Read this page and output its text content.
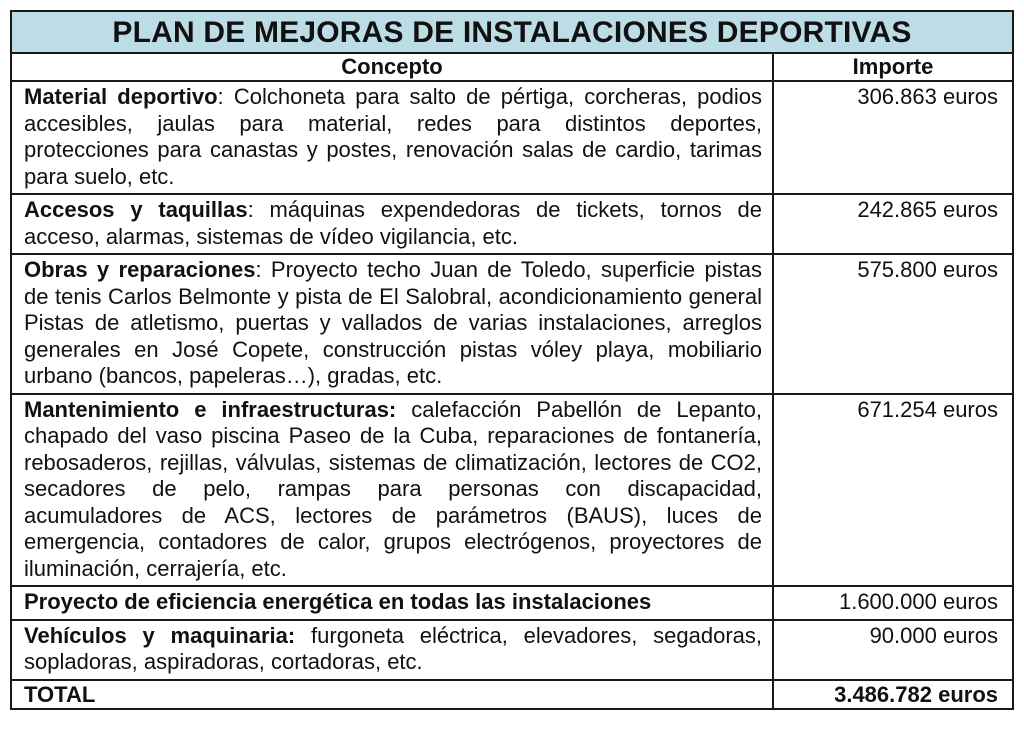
PLAN DE MEJORAS DE INSTALACIONES DEPORTIVAS	
Concepto	Importe
Material deportivo: Colchoneta para salto de pértiga, corcheras, podios accesibles, jaulas para material, redes para distintos deportes, protecciones para canastas y postes, renovación salas de cardio, tarimas para suelo, etc.	306.863 euros
Accesos y taquillas: máquinas expendedoras de tickets, tornos de acceso, alarmas, sistemas de vídeo vigilancia, etc.	242.865 euros
Obras y reparaciones: Proyecto techo Juan de Toledo, superficie pistas de tenis Carlos Belmonte y pista de El Salobral, acondicionamiento general Pistas de atletismo, puertas y vallados de varias instalaciones, arreglos generales en José Copete, construcción pistas vóley playa, mobiliario urbano (bancos, papeleras…), gradas, etc.	575.800 euros
Mantenimiento e infraestructuras: calefacción Pabellón de Lepanto, chapado del vaso piscina Paseo de la Cuba, reparaciones de fontanería, rebosaderos, rejillas, válvulas, sistemas de climatización, lectores de CO2, secadores de pelo, rampas para personas con discapacidad, acumuladores de ACS, lectores de parámetros (BAUS), luces de emergencia, contadores de calor, grupos electrógenos, proyectores de iluminación, cerrajería, etc.	671.254 euros
Proyecto de eficiencia energética en todas las instalaciones	1.600.000 euros
Vehículos y maquinaria: furgoneta eléctrica, elevadores, segadoras, sopladoras, aspiradoras, cortadoras, etc.	90.000 euros
TOTAL	3.486.782 euros
